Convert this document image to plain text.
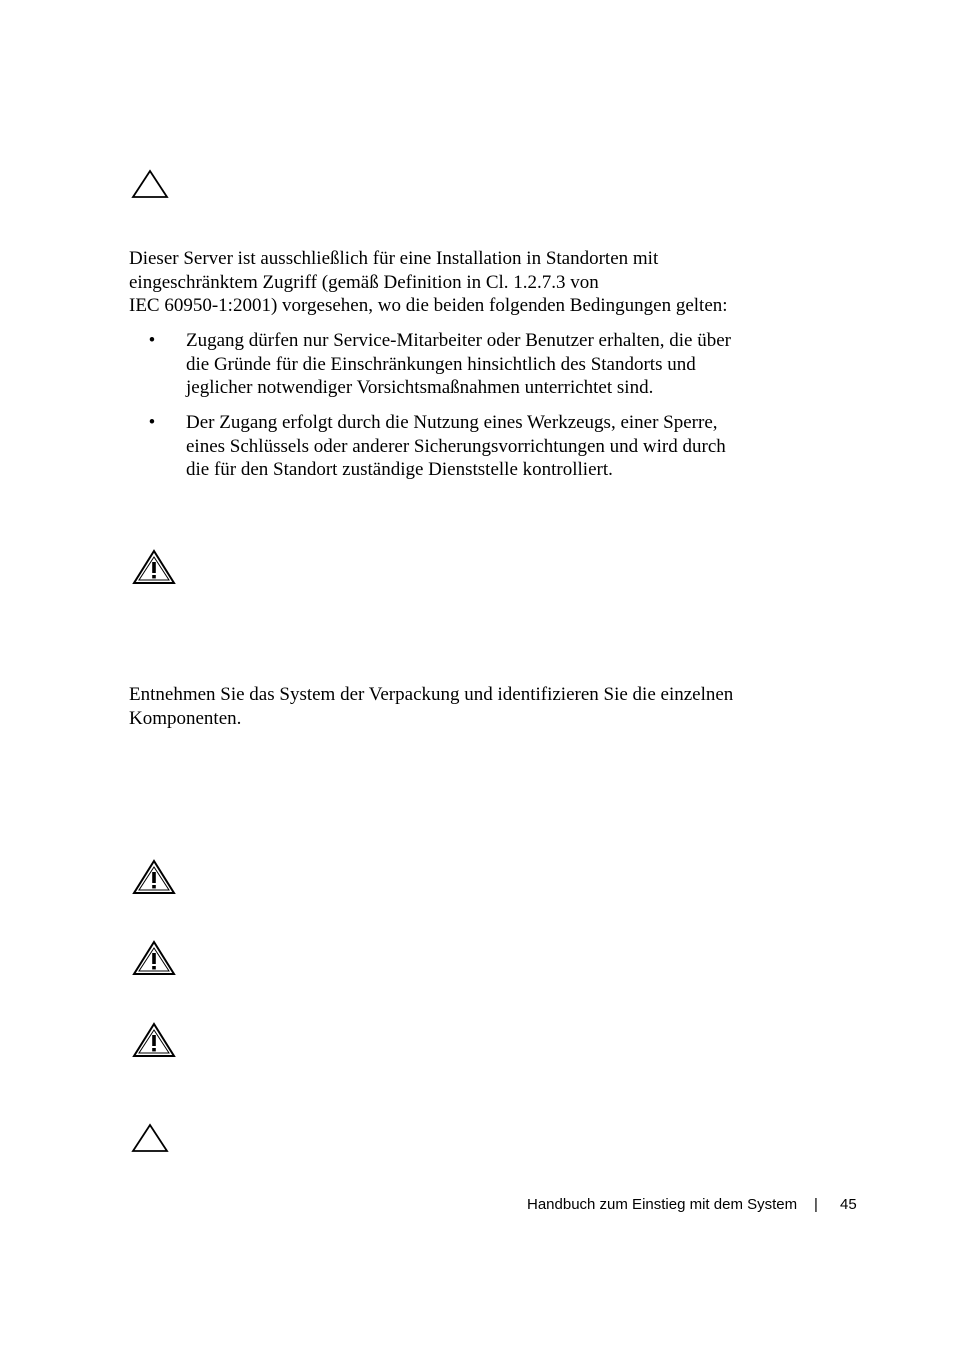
Dieser Server ist ausschließlich für eine Installation in Standorten mit
eingeschränktem Zugriff (gemäß Definition in Cl. 1.2.7.3 von
IEC 60950-1:2001) vorgesehen, wo die beiden folgenden Bedingungen gelten:

• Zugang dürfen nur Service-Mitarbeiter oder Benutzer erhalten, die über
die Gründe für die Einschränkungen hinsichtlich des Standorts und
jeglicher notwendiger Vorsichtsmaßnahmen unterrichtet sind.
• Der Zugang erfolgt durch die Nutzung eines Werkzeugs, einer Sperre,
eines Schlüssels oder anderer Sicherungsvorrichtungen und wird durch
die für den Standort zuständige Dienststelle kontrolliert.

Entnehmen Sie das System der Verpackung und identifizieren Sie die einzelnen
Komponenten.

Handbuch zum Einstieg mit dem System | 45
